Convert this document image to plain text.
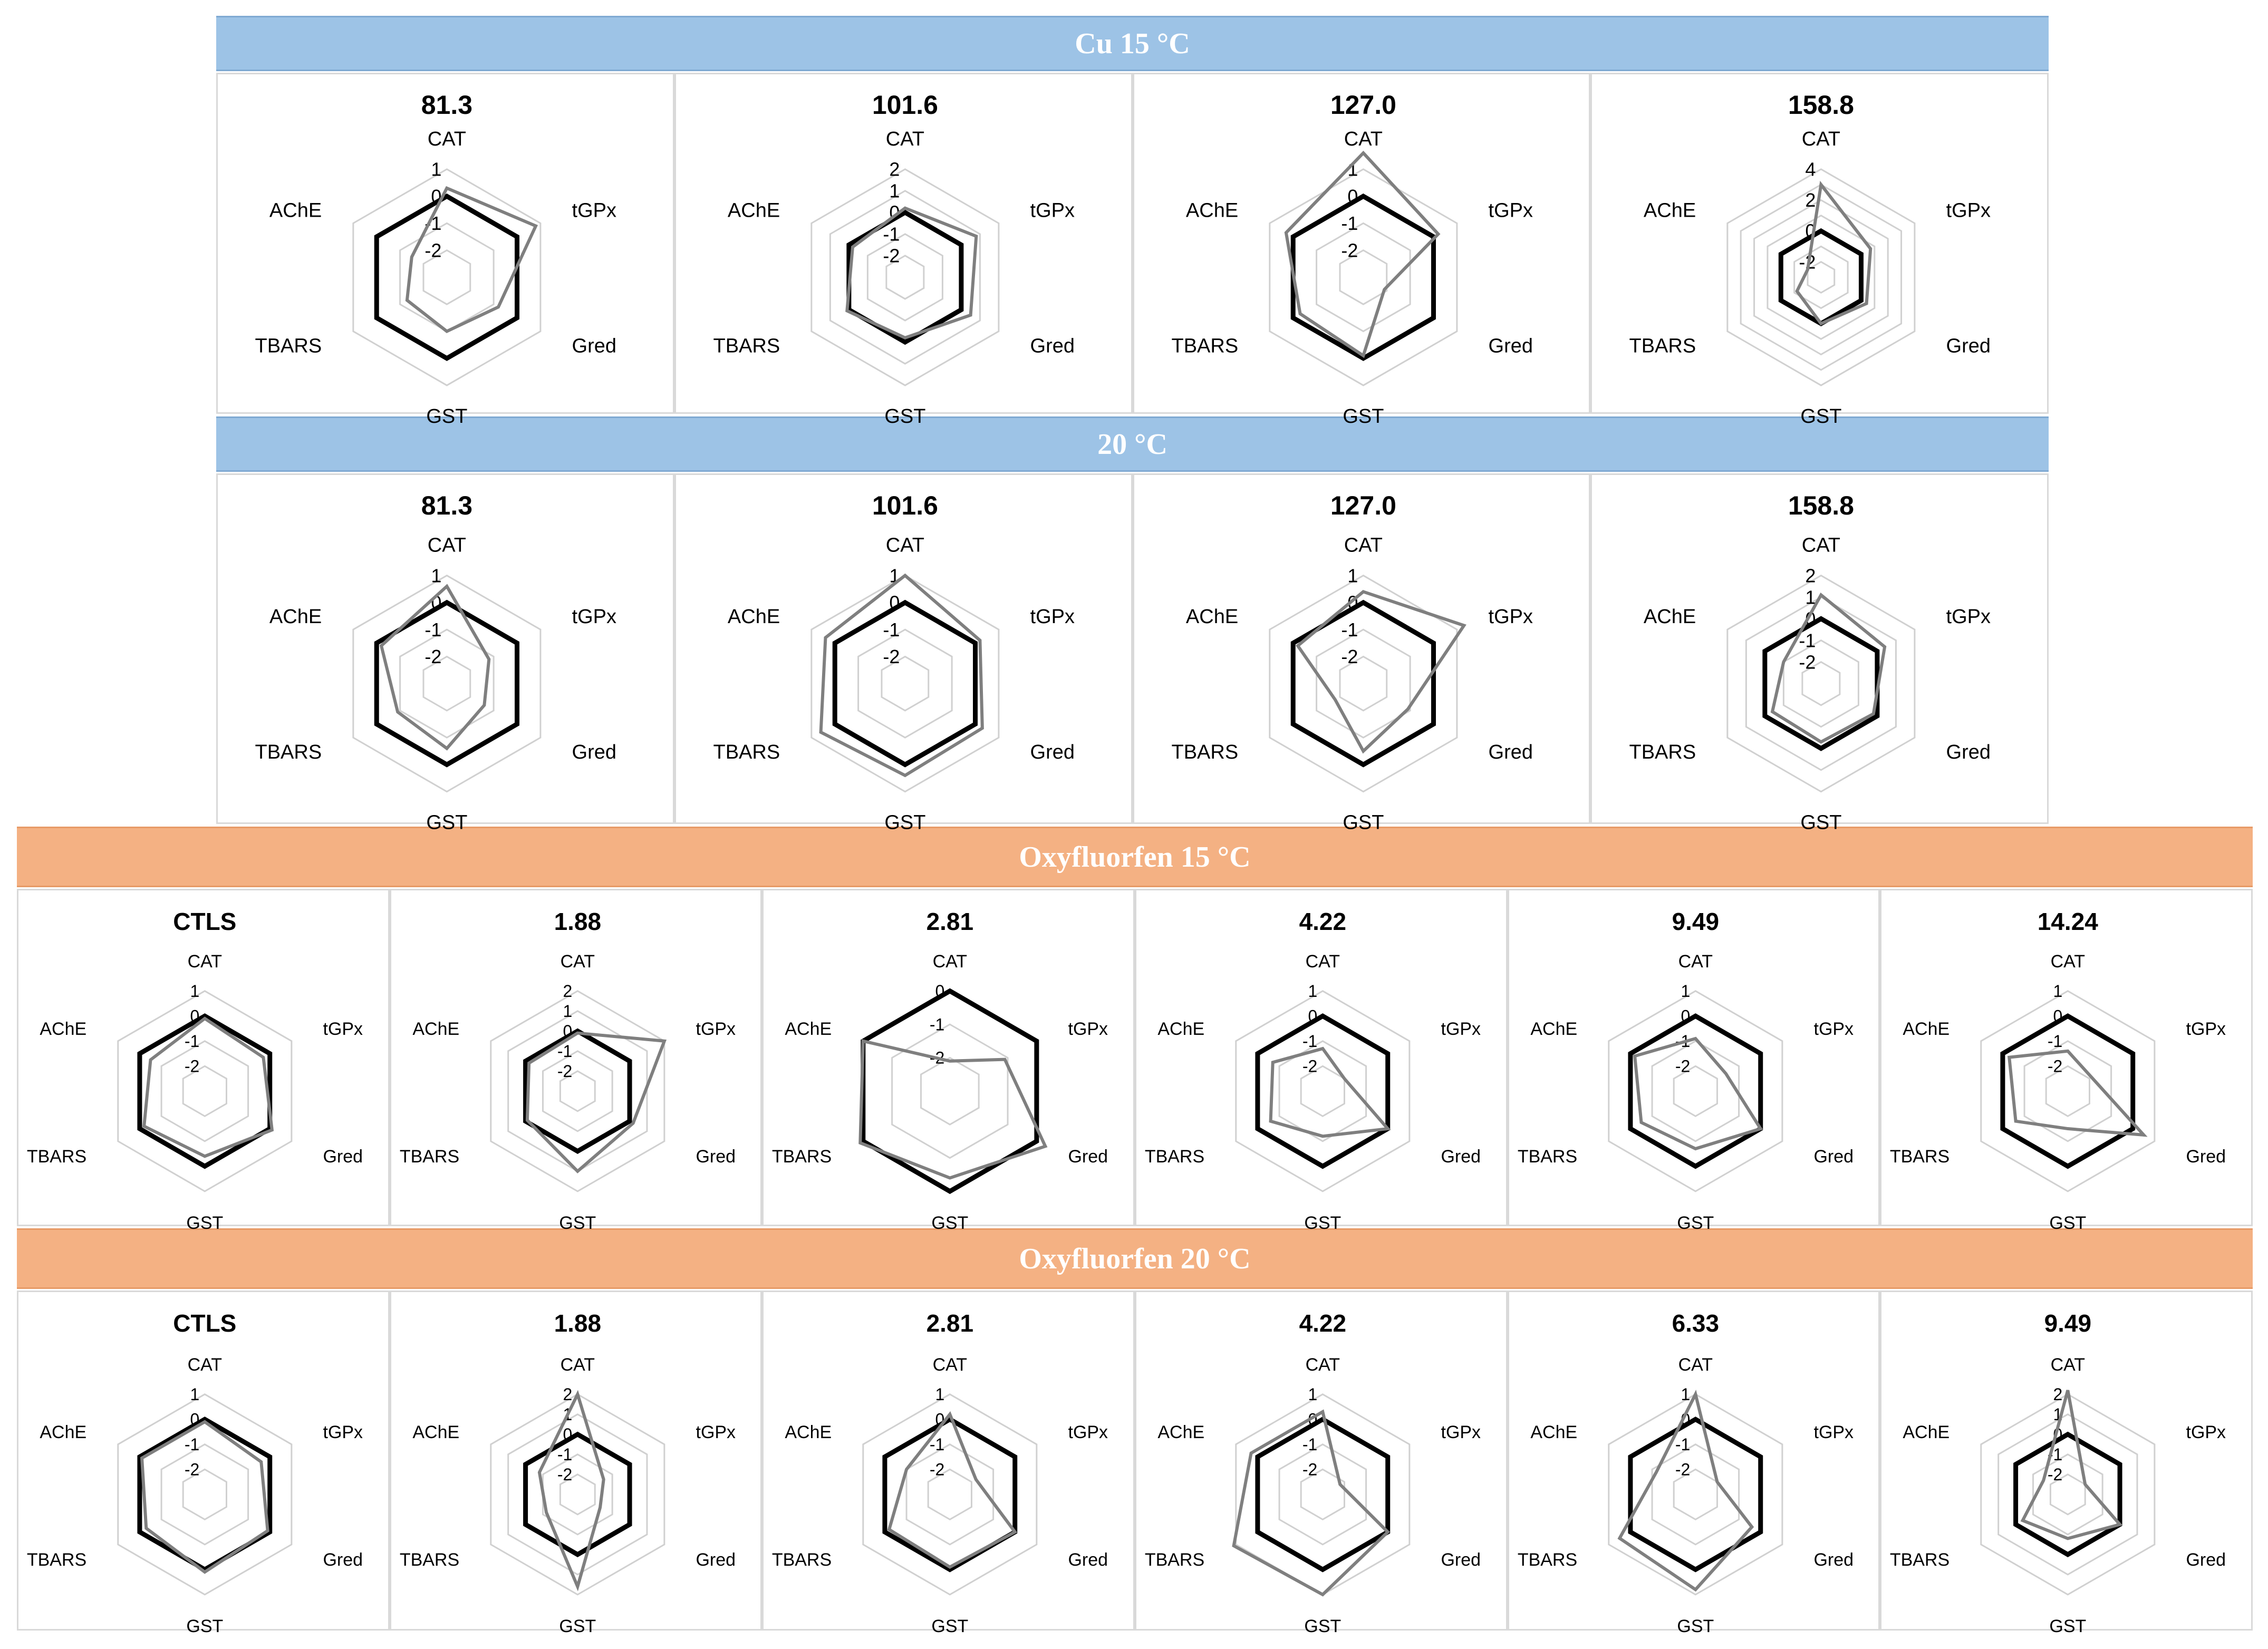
Cu 15 °C
20 °C
Oxyfluorfen 15 °C
Oxyfluorfen 20 °C
81.3
CAT
tGPx
Gred
GST
TBARS
AChE
1
0
-1
-2
101.6
CAT
tGPx
Gred
GST
TBARS
AChE
2
1
0
-1
-2
127.0
CAT
tGPx
Gred
GST
TBARS
AChE
1
0
-1
-2
158.8
CAT
tGPx
Gred
GST
TBARS
AChE
4
2
0
-2
81.3
CAT
tGPx
Gred
GST
TBARS
AChE
1
0
-1
-2
101.6
CAT
tGPx
Gred
GST
TBARS
AChE
1
0
-1
-2
127.0
CAT
tGPx
Gred
GST
TBARS
AChE
1
0
-1
-2
158.8
CAT
tGPx
Gred
GST
TBARS
AChE
2
1
0
-1
-2
CTLS
CAT
tGPx
Gred
GST
TBARS
AChE
1
0
-1
-2
1.88
CAT
tGPx
Gred
GST
TBARS
AChE
2
1
0
-1
-2
2.81
CAT
tGPx
Gred
GST
TBARS
AChE
0
-1
-2
4.22
CAT
tGPx
Gred
GST
TBARS
AChE
1
0
-1
-2
9.49
CAT
tGPx
Gred
GST
TBARS
AChE
1
0
-1
-2
14.24
CAT
tGPx
Gred
GST
TBARS
AChE
1
0
-1
-2
CTLS
CAT
tGPx
Gred
GST
TBARS
AChE
1
0
-1
-2
1.88
CAT
tGPx
Gred
GST
TBARS
AChE
2
1
0
-1
-2
2.81
CAT
tGPx
Gred
GST
TBARS
AChE
1
0
-1
-2
4.22
CAT
tGPx
Gred
GST
TBARS
AChE
1
0
-1
-2
6.33
CAT
tGPx
Gred
GST
TBARS
AChE
1
0
-1
-2
9.49
CAT
tGPx
Gred
GST
TBARS
AChE
2
1
0
-1
-2
